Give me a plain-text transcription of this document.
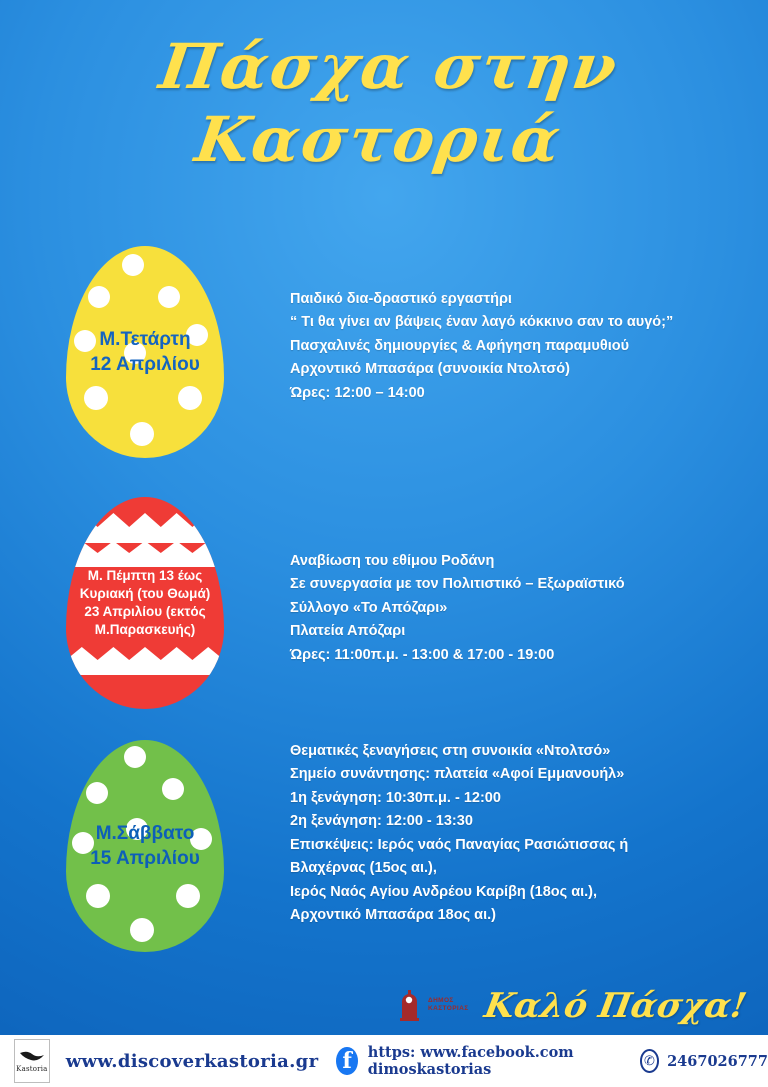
Πάσχα στην Καστοριά
Μ.Τετάρτη
12 Απριλίου
Παιδικό δια-δραστικό εργαστήρι
“ Τι θα γίνει αν βάψεις έναν λαγό κόκκινο σαν το αυγό;”
Πασχαλινές δημιουργίες & Αφήγηση παραμυθιού
Αρχοντικό Μπασάρα (συνοικία Ντολτσό)
Ώρες: 12:00 – 14:00
Μ. Πέμπτη 13 έως
Κυριακή (του Θωμά)
23 Απριλίου (εκτός
Μ.Παρασκευής)
Αναβίωση του εθίμου Ροδάνη
Σε συνεργασία με τον Πολιτιστικό – Εξωραϊστικό
Σύλλογο «Το Απόζαρι»
Πλατεία Απόζαρι
Ώρες: 11:00π.μ. - 13:00 & 17:00 - 19:00
Μ.Σάββατο
15 Απριλίου
Θεματικές ξεναγήσεις στη συνοικία «Ντολτσό»
Σημείο συνάντησης: πλατεία «Αφοί Εμμανουήλ»
1η ξενάγηση: 10:30π.μ. - 12:00
2η ξενάγηση: 12:00 - 13:30
Επισκέψεις: Ιερός ναός Παναγίας Ρασιώτισσας ή
Βλαχέρνας (15ος αι.),
Ιερός Ναός Αγίου Ανδρέου Καρίβη (18ος αι.),
Αρχοντικό Μπασάρα 18ος αι.)
ΔΗΜΟΣ
ΚΑΣΤΟΡΙΑΣ Καλό Πάσχα!
Kastoria www.discoverkastoria.gr f	https: www.facebook.com dimoskastorias
✆ 2467026777
